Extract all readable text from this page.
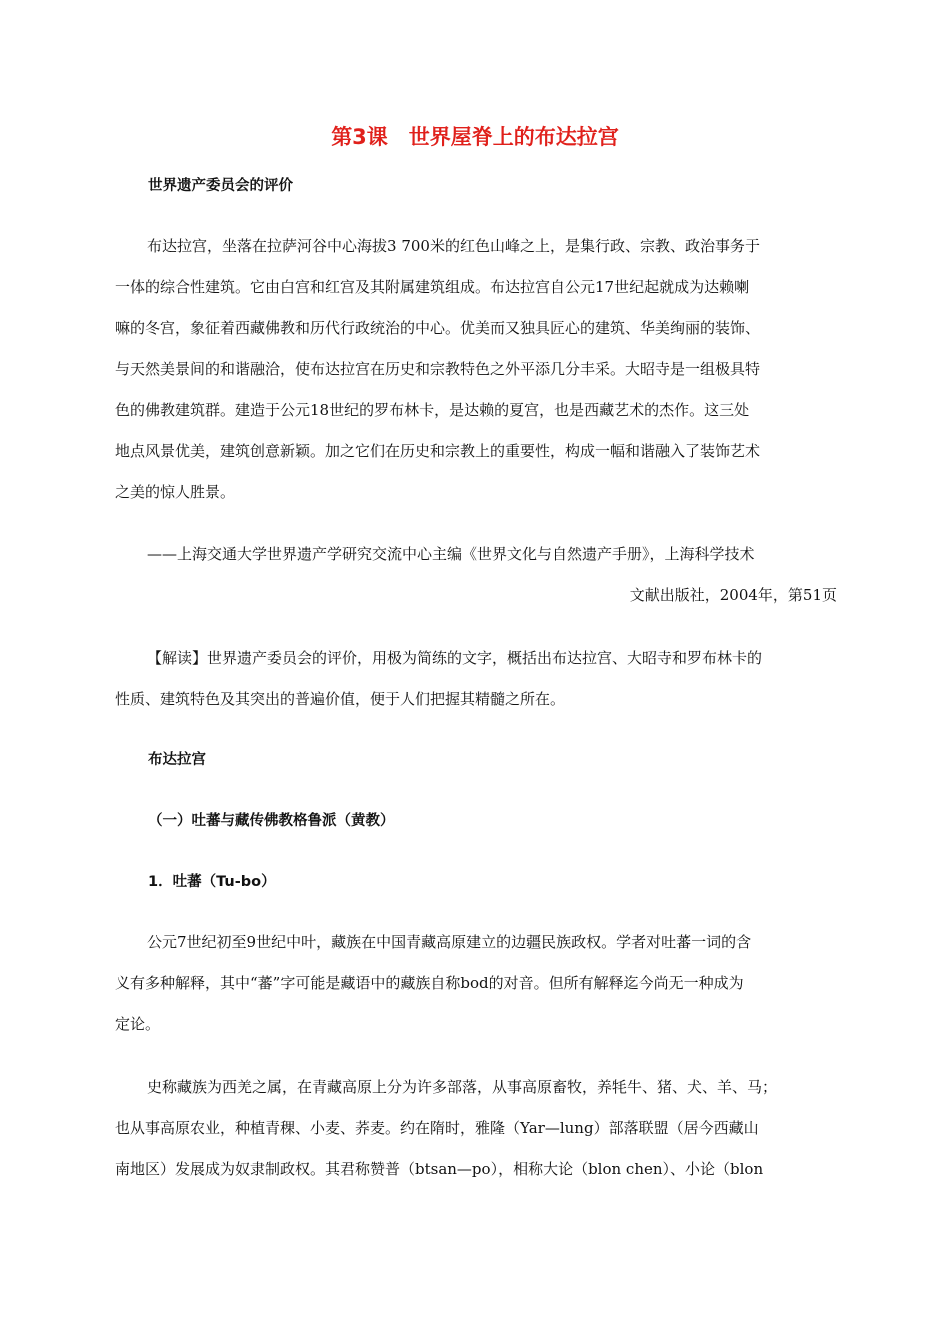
第3课　世界屋脊上的布达拉宫
世界遗产委员会的评价
布达拉宫，坐落在拉萨河谷中心海拔3 700米的红色山峰之上，是集行政、宗教、政治事务于
一体的综合性建筑。它由白宫和红宫及其附属建筑组成。布达拉宫自公元17世纪起就成为达赖喇
嘛的冬宫，象征着西藏佛教和历代行政统治的中心。优美而又独具匠心的建筑、华美绚丽的装饰、
与天然美景间的和谐融洽，使布达拉宫在历史和宗教特色之外平添几分丰采。大昭寺是一组极具特
色的佛教建筑群。建造于公元18世纪的罗布林卡，是达赖的夏宫，也是西藏艺术的杰作。这三处
地点风景优美，建筑创意新颖。加之它们在历史和宗教上的重要性，构成一幅和谐融入了装饰艺术
之美的惊人胜景。
——上海交通大学世界遗产学研究交流中心主编《世界文化与自然遗产手册》，上海科学技术
文献出版社，2004年，第51页
【解读】世界遗产委员会的评价，用极为简练的文字，概括出布达拉宫、大昭寺和罗布林卡的
性质、建筑特色及其突出的普遍价值，便于人们把握其精髓之所在。
布达拉宫
（一）吐蕃与藏传佛教格鲁派（黄教）
1．吐蕃（Tu-bo）
公元7世纪初至9世纪中叶，藏族在中国青藏高原建立的边疆民族政权。学者对吐蕃一词的含
义有多种解释，其中“蕃”字可能是藏语中的藏族自称bod的对音。但所有解释迄今尚无一种成为
定论。
史称藏族为西羌之属，在青藏高原上分为许多部落，从事高原畜牧，养牦牛、猪、犬、羊、马；
也从事高原农业，种植青稞、小麦、荞麦。约在隋时，雅隆（Yar—lung）部落联盟（居今西藏山
南地区）发展成为奴隶制政权。其君称赞普（btsan—po），相称大论（blon chen）、小论（blon
